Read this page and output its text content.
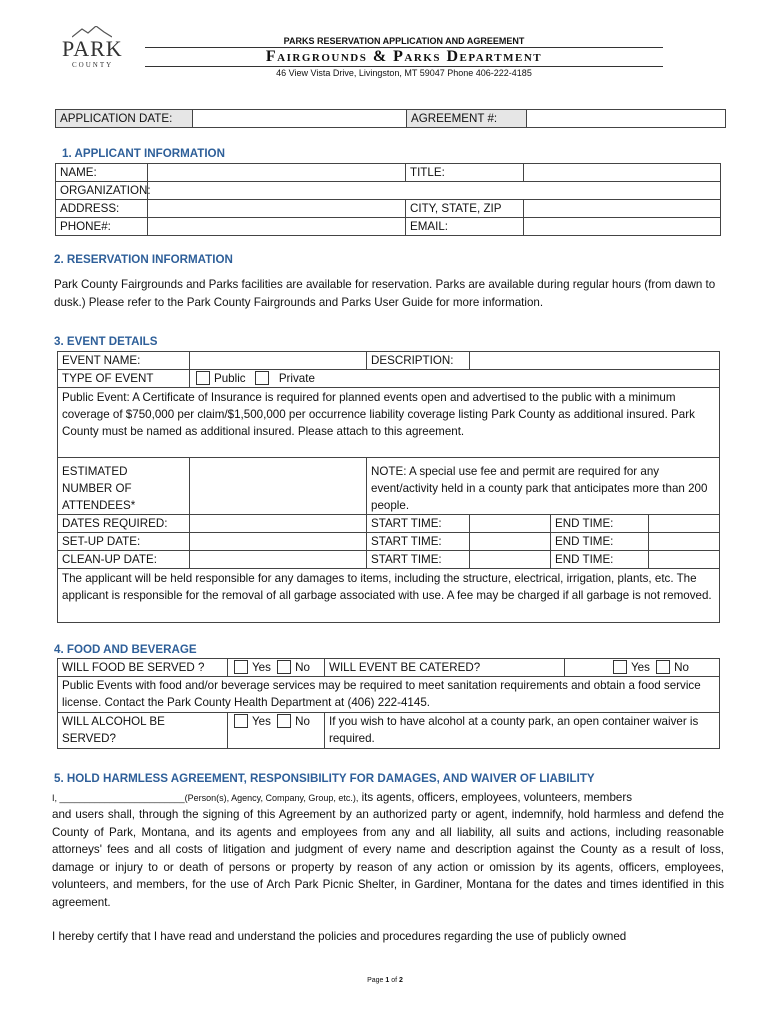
PARK
COUNTY
PARKS RESERVATION APPLICATION AND AGREEMENT
Fairgrounds & Parks Department
46 View Vista Drive, Livingston, MT 59047 Phone 406-222-4185
APPLICATION DATE:		AGREEMENT #:	
1. APPLICANT INFORMATION
NAME:		TITLE:	
ORGANIZATION:			
ADDRESS:		CITY, STATE, ZIP	
PHONE#:		EMAIL:	
2. RESERVATION INFORMATION
Park County Fairgrounds and Parks facilities are available for reservation. Parks are available during regular hours (from dawn to dusk.) Please refer to the Park County Fairgrounds and Parks User Guide for more information.
3. EVENT DETAILS
EVENT NAME:		DESCRIPTION:			
TYPE OF EVENT	Public Private				
Public Event: A Certificate of Insurance is required for planned events open and advertised to the public with a minimum coverage of $750,000 per claim/$1,500,000 per occurrence liability coverage listing Park County as additional insured. Park County must be named as additional insured. Please attach to this agreement.					

ESTIMATED
NUMBER OF
ATTENDEES*		NOTE: A special use fee and permit are required for any event/activity held in a county park that anticipates more than 200 people.			
DATES REQUIRED:		START TIME:		END TIME:	
SET-UP DATE:		START TIME:		END TIME:	
CLEAN-UP DATE:		START TIME:		END TIME:	
The applicant will be held responsible for any damages to items, including the structure, electrical, irrigation, plants, etc. The applicant is responsible for the removal of all garbage associated with use. A fee may be charged if all garbage is not removed.					
4. FOOD AND BEVERAGE
WILL FOOD BE SERVED ?	Yes No	WILL EVENT BE CATERED?	Yes No
Public Events with food and/or beverage services may be required to meet sanitation requirements and obtain a food service license. Contact the Park County Health Department at (406) 222-4145.			

WILL ALCOHOL BE
SERVED?	Yes No	If you wish to have alcohol at a county park, an open container waiver is required.	
5. HOLD HARMLESS AGREEMENT, RESPONSIBILITY FOR DAMAGES, AND WAIVER OF LIABILITY
I, _________________________(Person(s), Agency, Company, Group, etc.), its agents, officers, employees, volunteers, members
and users shall, through the signing of this Agreement by an authorized party or agent, indemnify, hold harmless and defend the County of Park, Montana, and its agents and employees from any and all liability, all suits and actions, including reasonable attorneys' fees and all costs of litigation and judgment of every name and description against the County as a result of loss, damage or injury to or death of persons or property by reason of any action or omission by its agents, officers, employees, volunteers, and members, for the use of Arch Park Picnic Shelter, in Gardiner, Montana for the dates and times identified in this agreement.
I hereby certify that I have read and understand the policies and procedures regarding the use of publicly owned
Page 1 of 2
